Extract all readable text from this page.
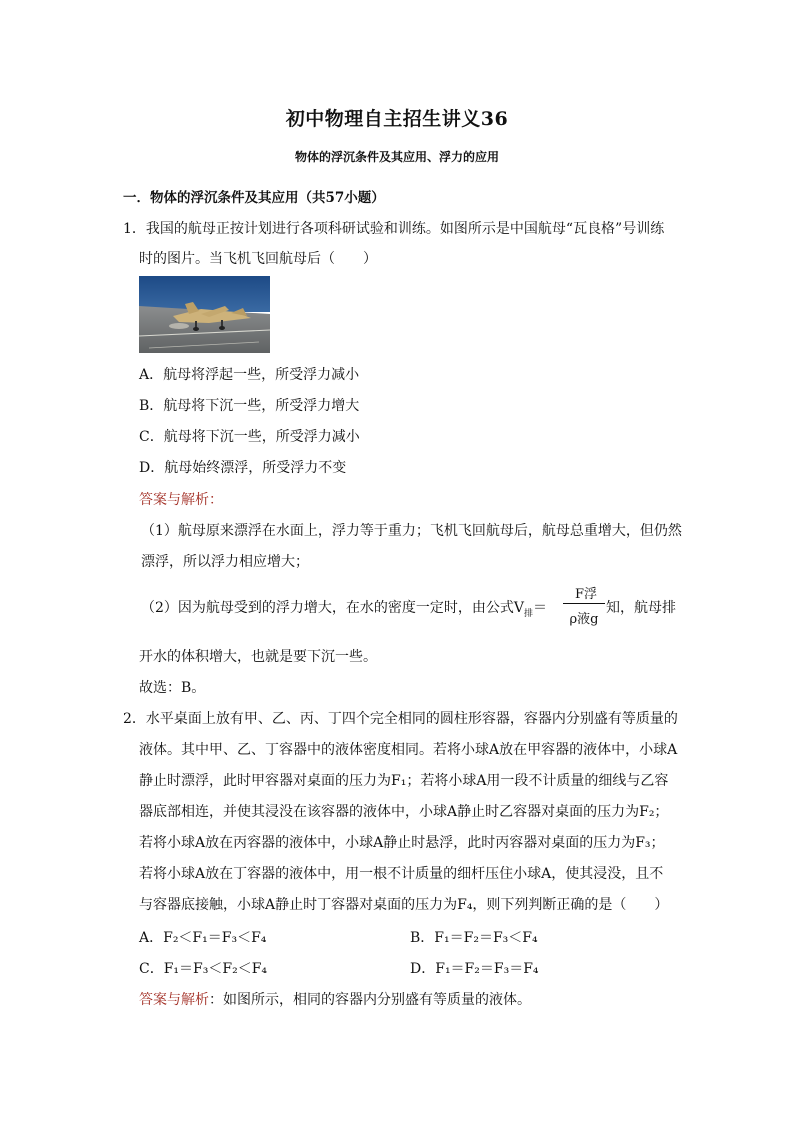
初中物理自主招生讲义36
物体的浮沉条件及其应用、浮力的应用
一．物体的浮沉条件及其应用（共57小题）
1．我国的航母正按计划进行各项科研试验和训练。如图所示是中国航母“瓦良格”号训练
时的图片。当飞机飞回航母后（　　）
A．航母将浮起一些，所受浮力减小
B．航母将下沉一些，所受浮力增大
C．航母将下沉一些，所受浮力减小
D．航母始终漂浮，所受浮力不变
答案与解析：
（1）航母原来漂浮在水面上，浮力等于重力；飞机飞回航母后，航母总重增大，但仍然
漂浮，所以浮力相应增大；
（2）因为航母受到的浮力增大，在水的密度一定时，由公式$V_排=$
F浮
ρ液g
知，航母排
开水的体积增大，也就是要下沉一些。
故选：B。
2．水平桌面上放有甲、乙、丙、丁四个完全相同的圆柱形容器，容器内分别盛有等质量的
液体。其中甲、乙、丁容器中的液体密度相同。若将小球A放在甲容器的液体中，小球A
静止时漂浮，此时甲容器对桌面的压力为F₁；若将小球A用一段不计质量的细线与乙容
器底部相连，并使其浸没在该容器的液体中，小球A静止时乙容器对桌面的压力为F₂；
若将小球A放在丙容器的液体中，小球A静止时悬浮，此时丙容器对桌面的压力为F₃；
若将小球A放在丁容器的液体中，用一根不计质量的细杆压住小球A，使其浸没，且不
与容器底接触，小球A静止时丁容器对桌面的压力为F₄，则下列判断正确的是（　　）
A．F₂＜F₁＝F₃＜F₄	B．F₁＝F₂＝F₃＜F₄
C．F₁＝F₃＜F₂＜F₄	D．F₁＝F₂＝F₃＝F₄
答案与解析：如图所示，相同的容器内分别盛有等质量的液体。
